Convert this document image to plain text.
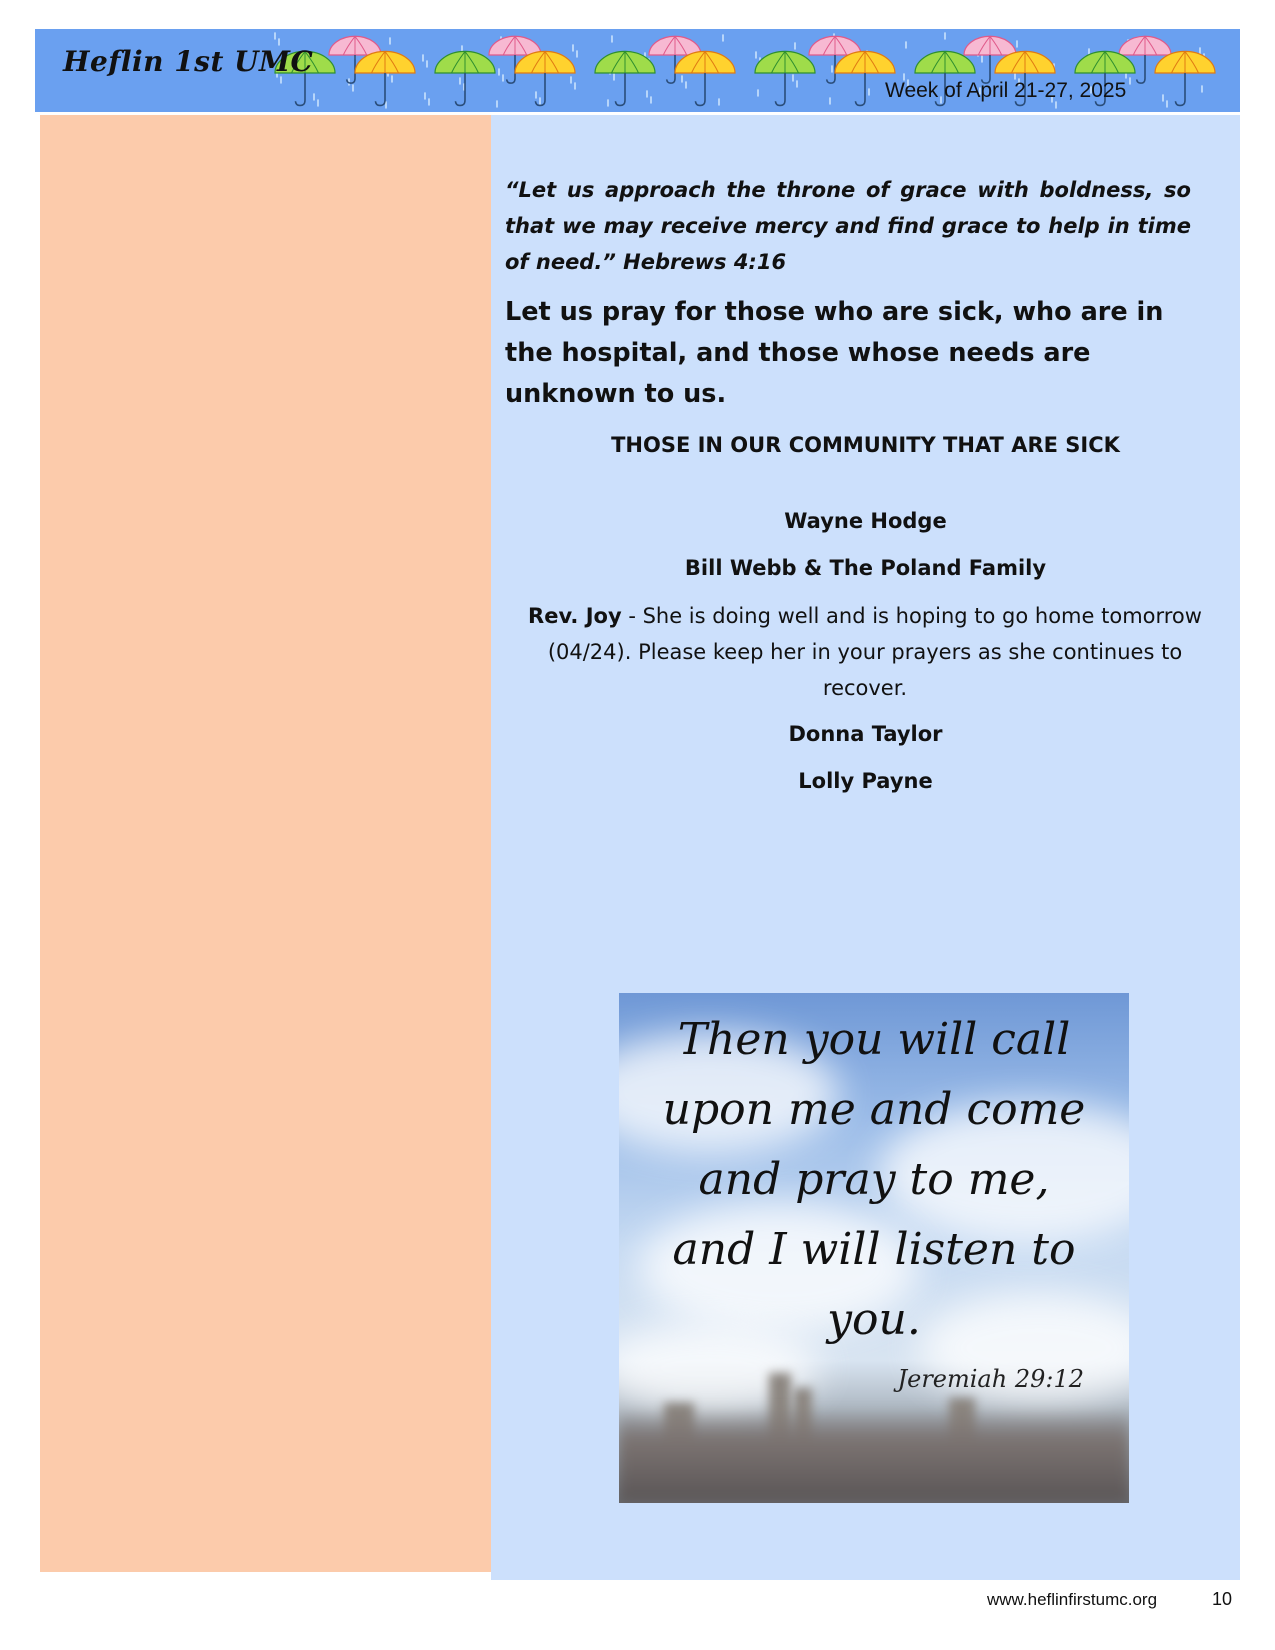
Heflin 1st UMC
Week of April 21-27, 2025
“Let us approach the throne of grace with boldness, so that we may receive mercy and find grace to help in time of need.” Hebrews 4:16
Let us pray for those who are sick, who are in the hospital, and those whose needs are unknown to us.
THOSE IN OUR COMMUNITY THAT ARE SICK
Wayne Hodge
Bill Webb & The Poland Family
Rev. Joy - She is doing well and is hoping to go home tomorrow (04/24). Please keep her in your prayers as she continues to recover.
Donna Taylor
Lolly Payne
Then you will call upon me and come and pray to me, and I will listen to you.
Jeremiah 29:12
www.heflinfirstumc.org	10
